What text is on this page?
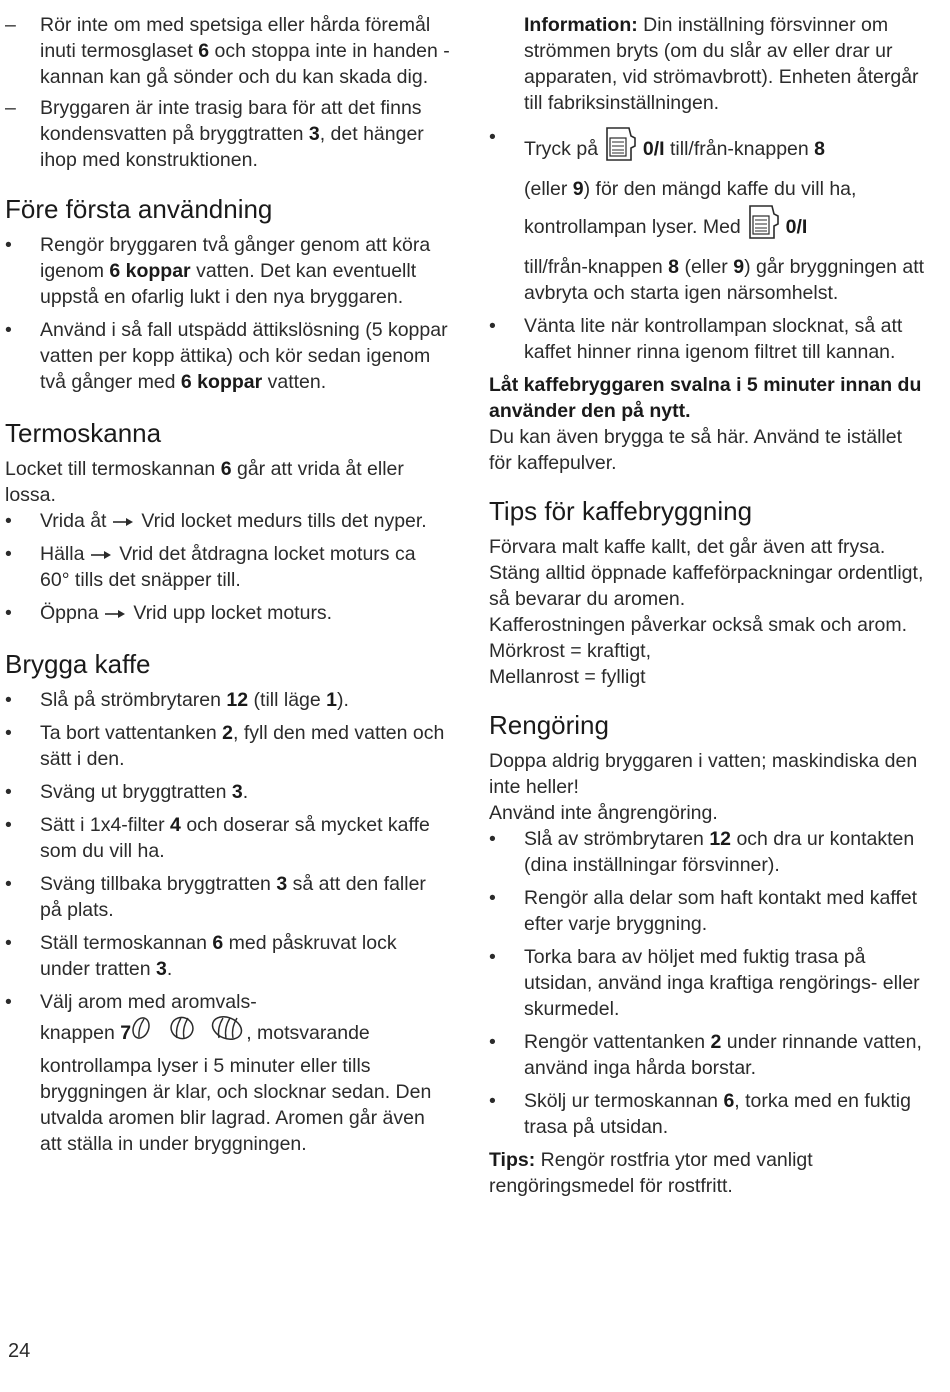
–	Rör inte om med spetsiga eller hårda föremål inuti termosglaset 6 och stoppa inte in handen - kannan kan gå sönder och du kan skada dig.
–	Bryggaren är inte trasig bara för att det finns kondensvatten på bryggtratten 3, det hänger ihop med konstruktionen.
Före första användning
•	Rengör bryggaren två gånger genom att köra igenom 6 koppar vatten. Det kan eventuellt uppstå en ofarlig lukt i den nya bryggaren.
•	Använd i så fall utspädd ättikslösning (5 koppar vatten per kopp ättika) och kör sedan igenom två gånger med 6 koppar vatten.
Termoskanna

Locket till termoskannan 6 går att vrida åt eller lossa.

•	Vrida åt Vrid locket medurs tills det nyper.
•	Hälla Vrid det åtdragna locket moturs ca 60° tills det snäpper till.
•	Öppna Vrid upp locket moturs.
Brygga kaffe
•	Slå på strömbrytaren 12 (till läge 1).
•	Ta bort vattentanken 2, fyll den med vatten och sätt i den.
•	Sväng ut bryggtratten 3.
•	Sätt i 1x4-filter 4 och doserar så mycket kaffe som du vill ha.
•	Sväng tillbaka bryggtratten 3 så att den faller på plats.
•	Ställ termoskannan 6 med påskruvat lock under tratten 3.
•	Välj arom med aromvals-
knappen 7	, motsvarande
kontrollampa lyser i 5 minuter eller tills bryggningen är klar, och slocknar sedan. Den utvalda aromen blir lagrad. Aromen går även att ställa in under bryggningen.

Information: Din inställning försvinner om strömmen bryts (om du slår av eller drar ur apparaten, vid strömavbrott). Enheten återgår till fabriksinställningen.

•
Tryck på  0/I till/från-knappen 8
(eller 9) för den mängd kaffe du vill ha,
kontrollampan lyser. Med  0/I
till/från-knappen 8 (eller 9) går bryggningen att avbryta och starta igen närsomhelst.
•	Vänta lite när kontrollampan slocknat, så att kaffet hinner rinna igenom filtret till kannan.

Låt kaffebryggaren svalna i 5 minuter innan du använder den på nytt.

Du kan även brygga te så här. Använd te istället för kaffepulver.

Tips för kaffebryggning

Förvara malt kaffe kallt, det går även att frysa.

Stäng alltid öppnade kaffeförpackningar ordentligt, så bevarar du aromen.

Kafferostningen påverkar också smak och arom.

Mörkrost = kraftigt,

Mellanrost = fylligt

Rengöring

Doppa aldrig bryggaren i vatten; maskindiska den inte heller!

Använd inte ångrengöring.

•	Slå av strömbrytaren 12 och dra ur kontakten (dina inställningar försvinner).
•	Rengör alla delar som haft kontakt med kaffet efter varje bryggning.
•	Torka bara av höljet med fuktig trasa på utsidan, använd inga kraftiga rengörings- eller skurmedel.
•	Rengör vattentanken 2 under rinnande vatten, använd inga hårda borstar.
•	Skölj ur termoskannan 6, torka med en fuktig trasa på utsidan.

Tips: Rengör rostfria ytor med vanligt rengöringsmedel för rostfritt.

24
